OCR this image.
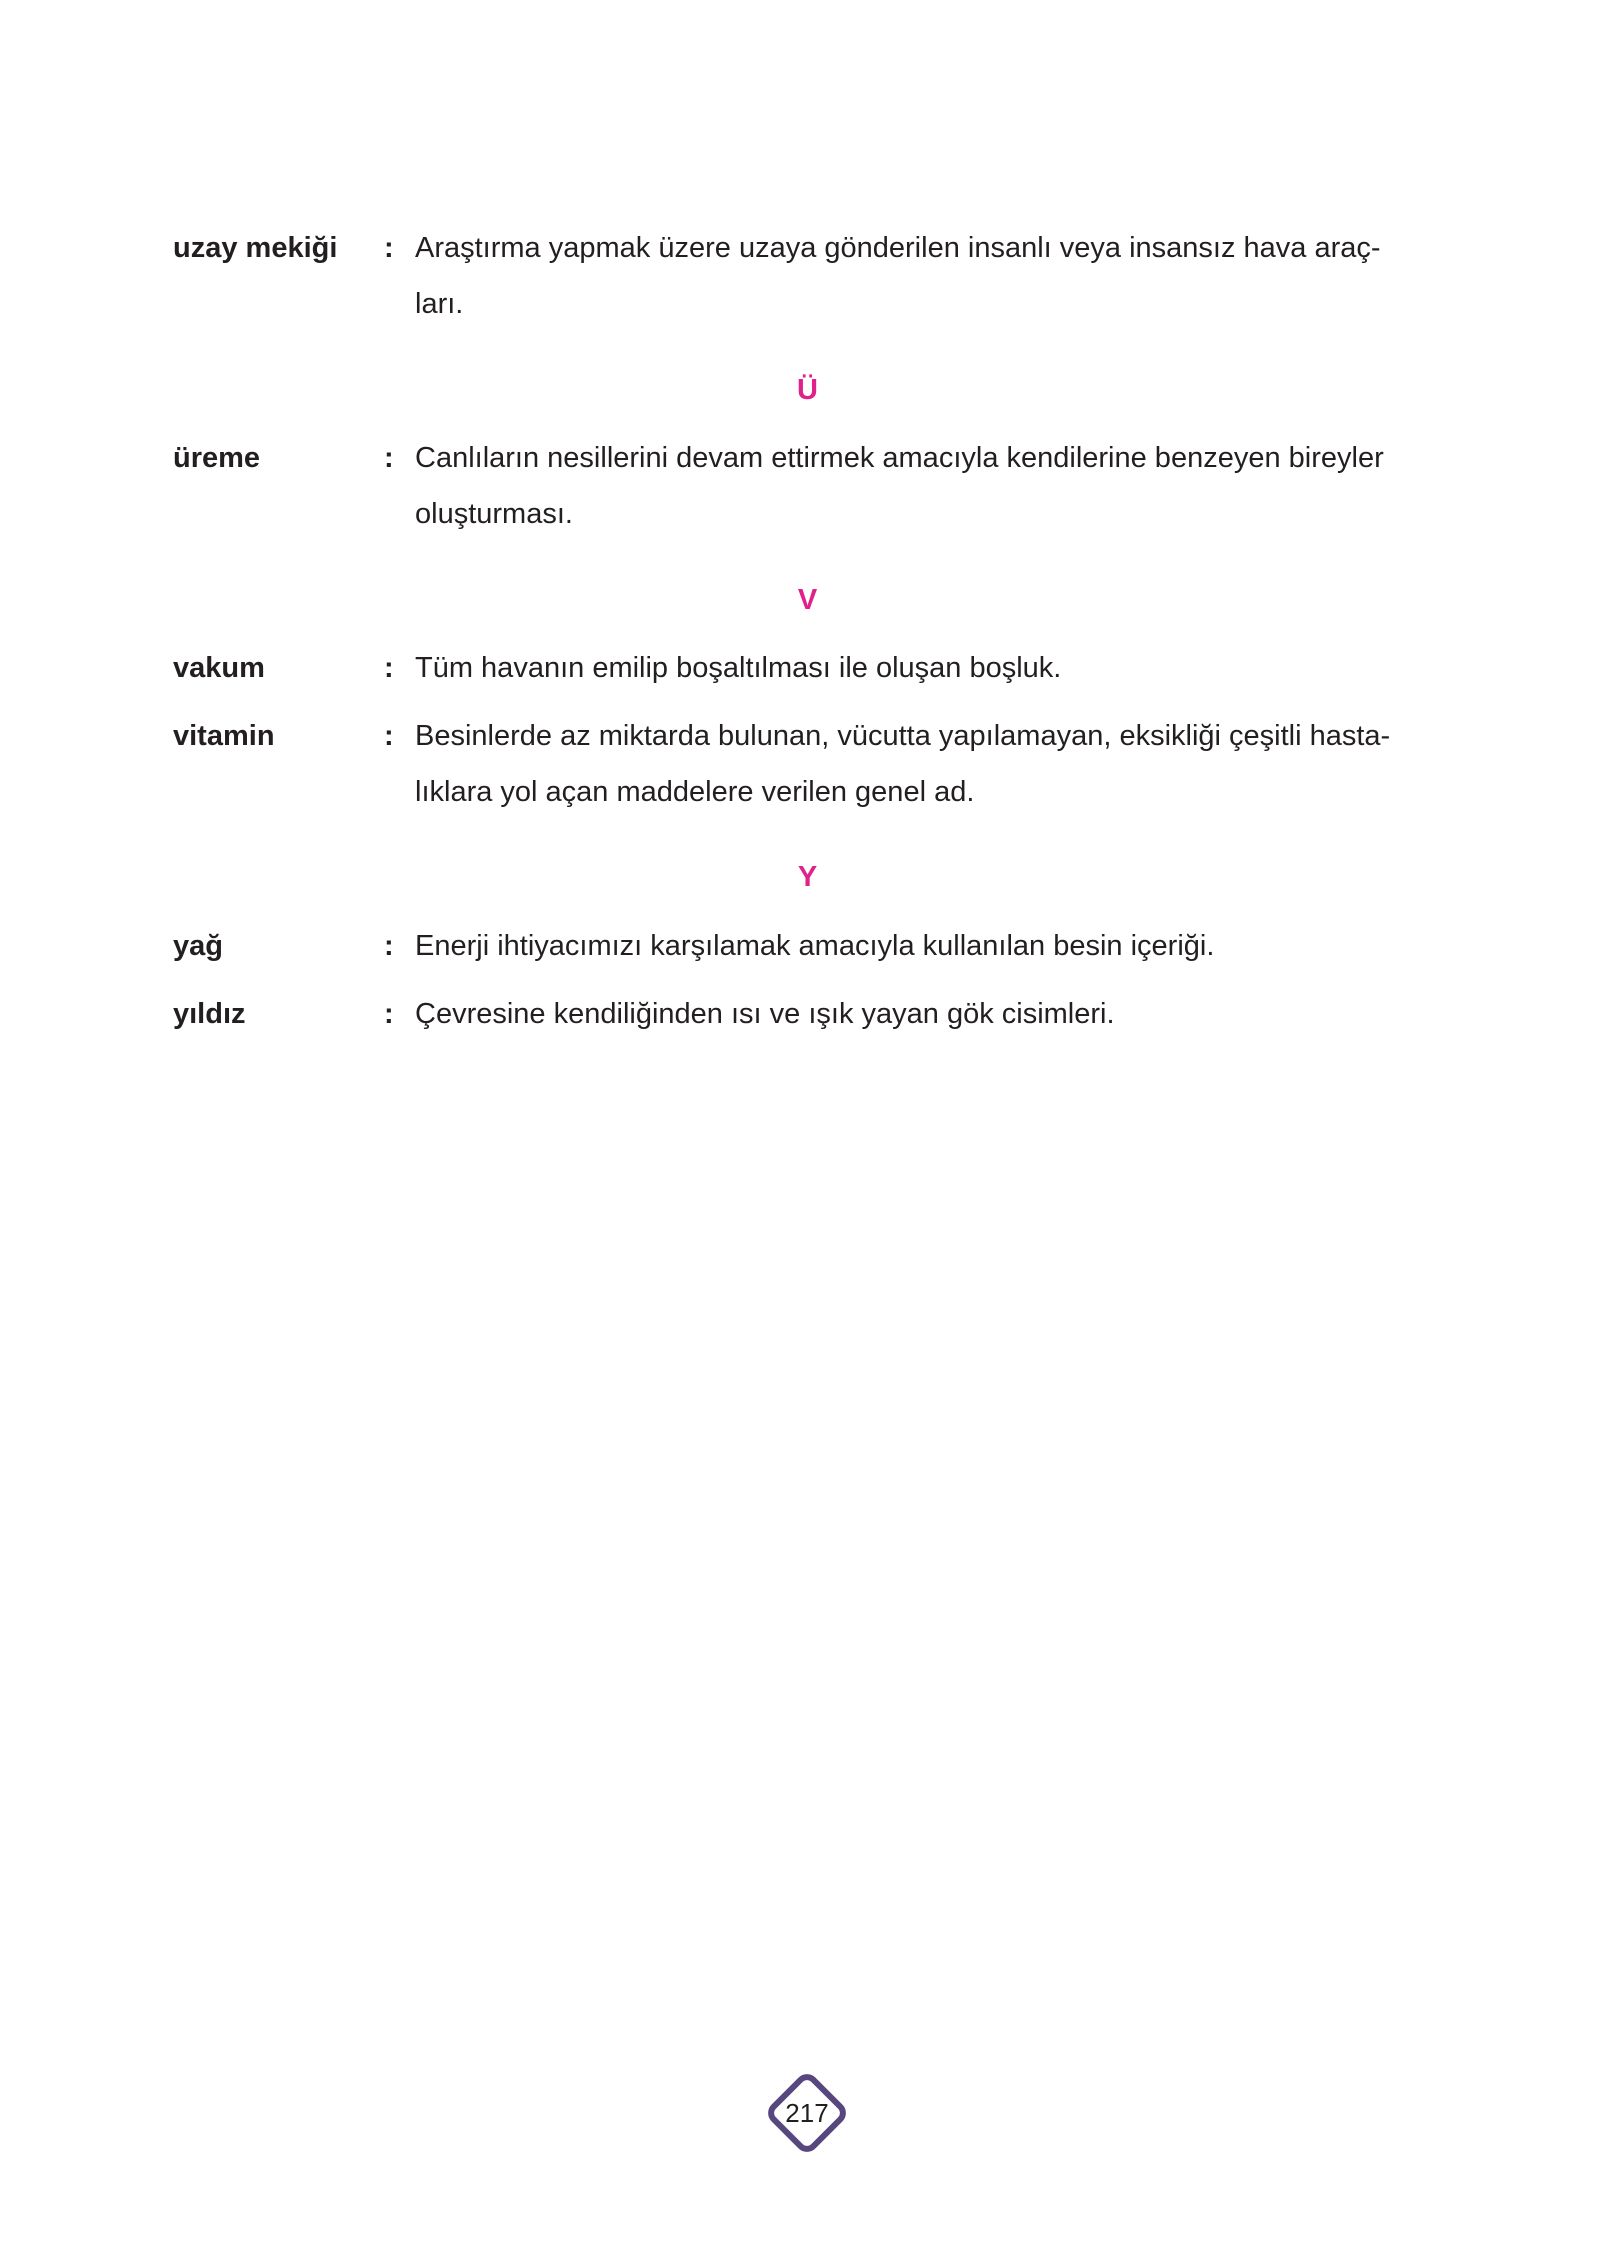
uzay mekiği : Araştırma yapmak üzere uzaya gönderilen insanlı veya insansız hava araç-
ları.
Ü
üreme	: Canlıların nesillerini devam ettirmek amacıyla kendilerine benzeyen bireyler
oluşturması.
V
vakum	: Tüm havanın emilip boşaltılması ile oluşan boşluk.
vitamin	: Besinlerde az miktarda bulunan, vücutta yapılamayan, eksikliği çeşitli hasta-
lıklara yol açan maddelere verilen genel ad.
Y
yağ	: Enerji ihtiyacımızı karşılamak amacıyla kullanılan besin içeriği.
yıldız	: Çevresine kendiliğinden ısı ve ışık yayan gök cisimleri.
217
